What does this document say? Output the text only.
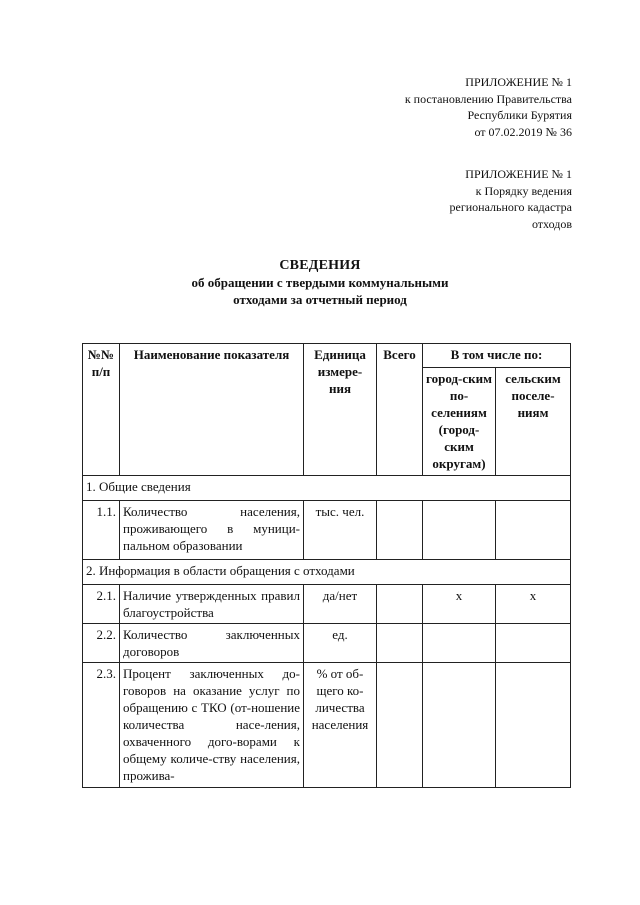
ПРИЛОЖЕНИЕ № 1
к постановлению Правительства
Республики Бурятия
от 07.02.2019 № 36
ПРИЛОЖЕНИЕ № 1
к Порядку ведения
регионального кадастра
отходов
СВЕДЕНИЯ
об обращении с твердыми коммунальными
отходами за отчетный период
№№ п/п	Наименование показателя	Единица измере-ния	Всего	В том числе по:	
				город-ским по-селениям (город-ским округам)	сельским поселе-ниям
1. Общие сведения					
1.1.	Количество населения, проживающего в муници-пальном образовании	тыс. чел.			
2. Информация в области обращения с отходами					
2.1.	Наличие утвержденных правил благоустройства	да/нет		x	x
2.2.	Количество заключенных договоров	ед.			
2.3.	Процент заключенных до-говоров на оказание услуг по обращению с ТКО (от-ношение количества насе-ления, охваченного дого-ворами к общему количе-ству населения, прожива-	% от об-щего ко-личества населения			
